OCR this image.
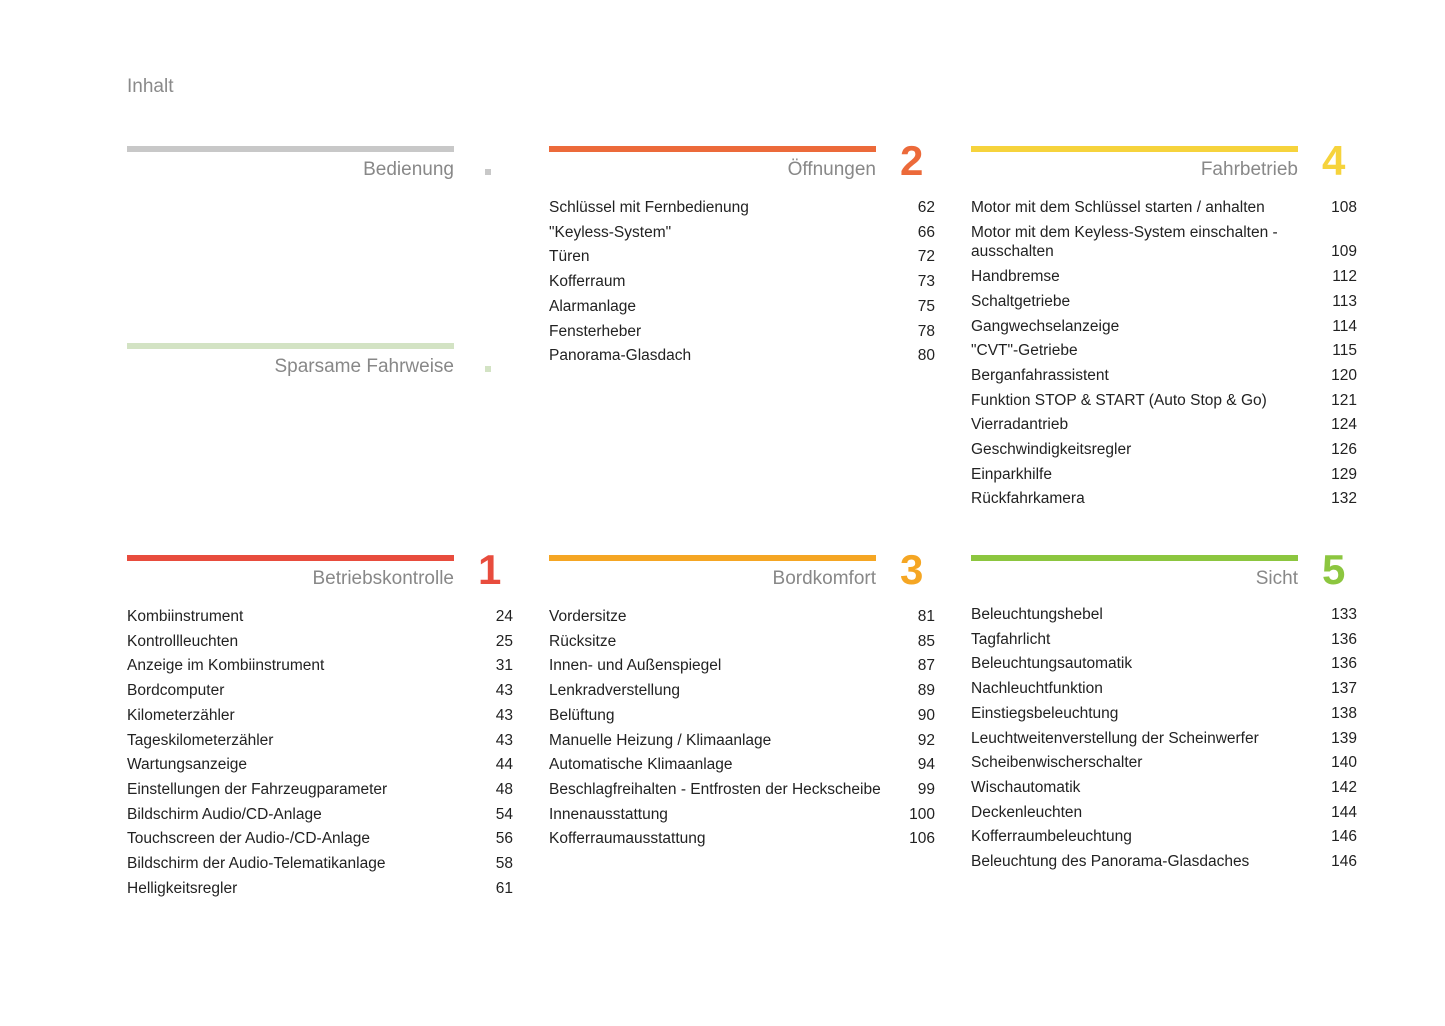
Inhalt
Bedienung
Sparsame Fahrweise
Öffnungen 2
Schlüssel mit Fernbedienung	62
"Keyless-System"	66
Türen	72
Kofferraum	73
Alarmanlage	75
Fensterheber	78
Panorama-Glasdach	80
Fahrbetrieb 4
Motor mit dem Schlüssel starten / anhalten	108
Motor mit dem Keyless-System einschalten - ausschalten	109
Handbremse	112
Schaltgetriebe	113
Gangwechselanzeige	114
"CVT"-Getriebe	115
Berganfahrassistent	120
Funktion STOP & START (Auto Stop & Go)	121
Vierradantrieb	124
Geschwindigkeitsregler	126
Einparkhilfe	129
Rückfahrkamera	132
Betriebskontrolle 1
Kombiinstrument	24
Kontrollleuchten	25
Anzeige im Kombiinstrument	31
Bordcomputer	43
Kilometerzähler	43
Tageskilometerzähler	43
Wartungsanzeige	44
Einstellungen der Fahrzeugparameter	48
Bildschirm Audio/CD-Anlage	54
Touchscreen der Audio-/CD-Anlage	56
Bildschirm der Audio-Telematikanlage	58
Helligkeitsregler	61
Bordkomfort 3
Vordersitze	81
Rücksitze	85
Innen- und Außenspiegel	87
Lenkradverstellung	89
Belüftung	90
Manuelle Heizung / Klimaanlage	92
Automatische Klimaanlage	94
Beschlagfreihalten - Entfrosten der Heckscheibe	99
Innenausstattung	100
Kofferraumausstattung	106
Sicht 5
Beleuchtungshebel	133
Tagfahrlicht	136
Beleuchtungsautomatik	136
Nachleuchtfunktion	137
Einstiegsbeleuchtung	138
Leuchtweitenverstellung der Scheinwerfer	139
Scheibenwischerschalter	140
Wischautomatik	142
Deckenleuchten	144
Kofferraumbeleuchtung	146
Beleuchtung des Panorama-Glasdaches	146
